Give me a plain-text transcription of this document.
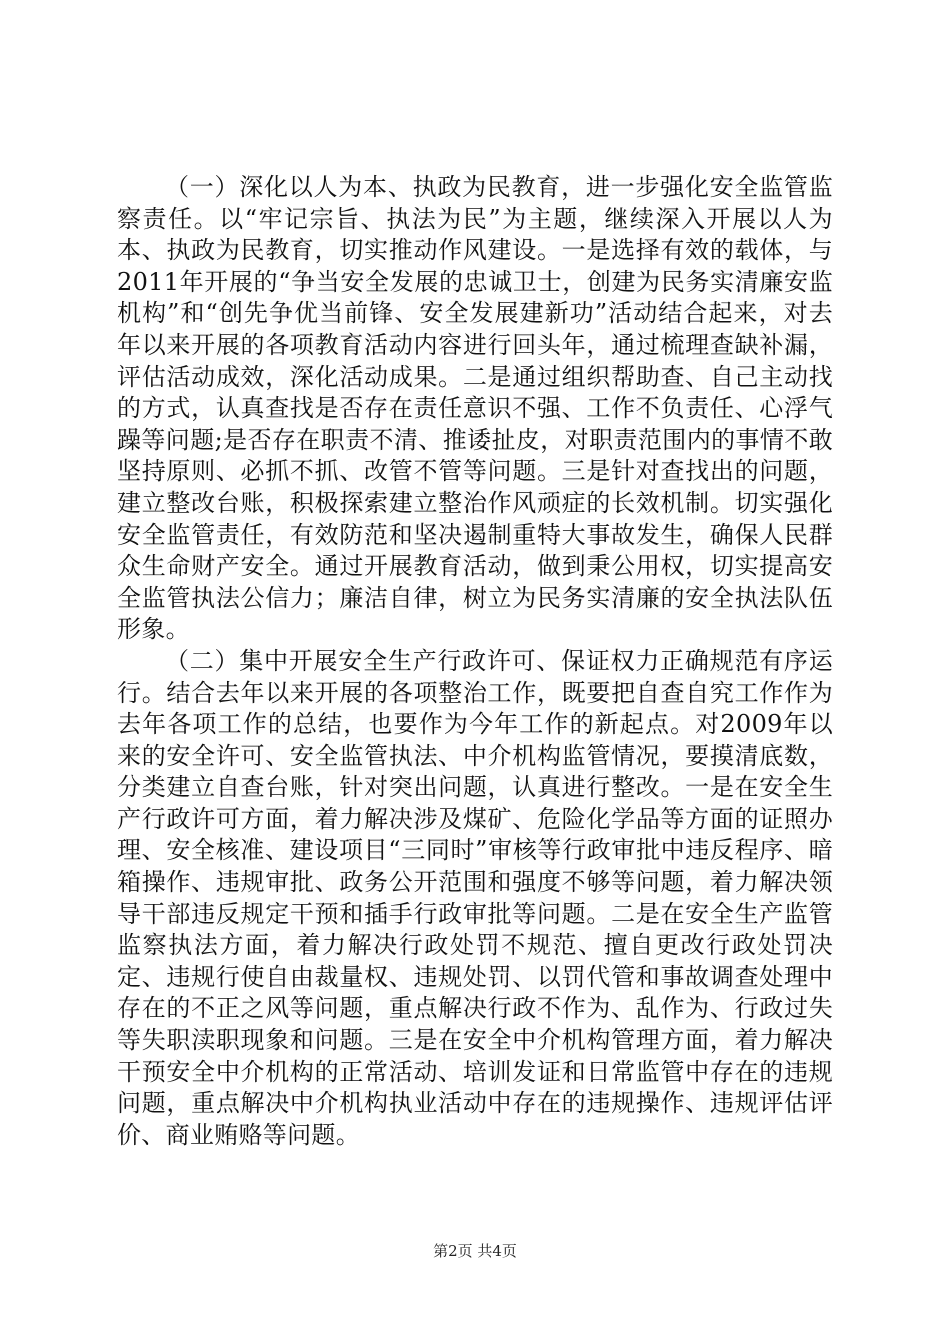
（一）深化以人为本、执政为民教育，进一步强化安全监管监察责任。以“牢记宗旨、执法为民”为主题，继续深入开展以人为本、执政为民教育，切实推动作风建设。一是选择有效的载体，与2011年开展的“争当安全发展的忠诚卫士，创建为民务实清廉安监机构”和“创先争优当前锋、安全发展建新功”活动结合起来，对去年以来开展的各项教育活动内容进行回头年，通过梳理查缺补漏，评估活动成效，深化活动成果。二是通过组织帮助查、自己主动找的方式，认真查找是否存在责任意识不强、工作不负责任、心浮气躁等问题;是否存在职责不清、推诿扯皮，对职责范围内的事情不敢坚持原则、必抓不抓、改管不管等问题。三是针对查找出的问题，建立整改台账，积极探索建立整治作风顽症的长效机制。切实强化安全监管责任，有效防范和坚决遏制重特大事故发生，确保人民群众生命财产安全。通过开展教育活动，做到秉公用权，切实提高安全监管执法公信力；廉洁自律，树立为民务实清廉的安全执法队伍形象。

（二）集中开展安全生产行政许可、保证权力正确规范有序运行。结合去年以来开展的各项整治工作，既要把自查自究工作作为去年各项工作的总结，也要作为今年工作的新起点。对2009年以来的安全许可、安全监管执法、中介机构监管情况，要摸清底数，分类建立自查台账，针对突出问题，认真进行整改。一是在安全生产行政许可方面，着力解决涉及煤矿、危险化学品等方面的证照办理、安全核准、建设项目“三同时”审核等行政审批中违反程序、暗箱操作、违规审批、政务公开范围和强度不够等问题，着力解决领导干部违反规定干预和插手行政审批等问题。二是在安全生产监管监察执法方面，着力解决行政处罚不规范、擅自更改行政处罚决定、违规行使自由裁量权、违规处罚、以罚代管和事故调查处理中存在的不正之风等问题，重点解决行政不作为、乱作为、行政过失等失职渎职现象和问题。三是在安全中介机构管理方面，着力解决干预安全中介机构的正常活动、培训发证和日常监管中存在的违规问题，重点解决中介机构执业活动中存在的违规操作、违规评估评价、商业贿赂等问题。

第2页 共4页
